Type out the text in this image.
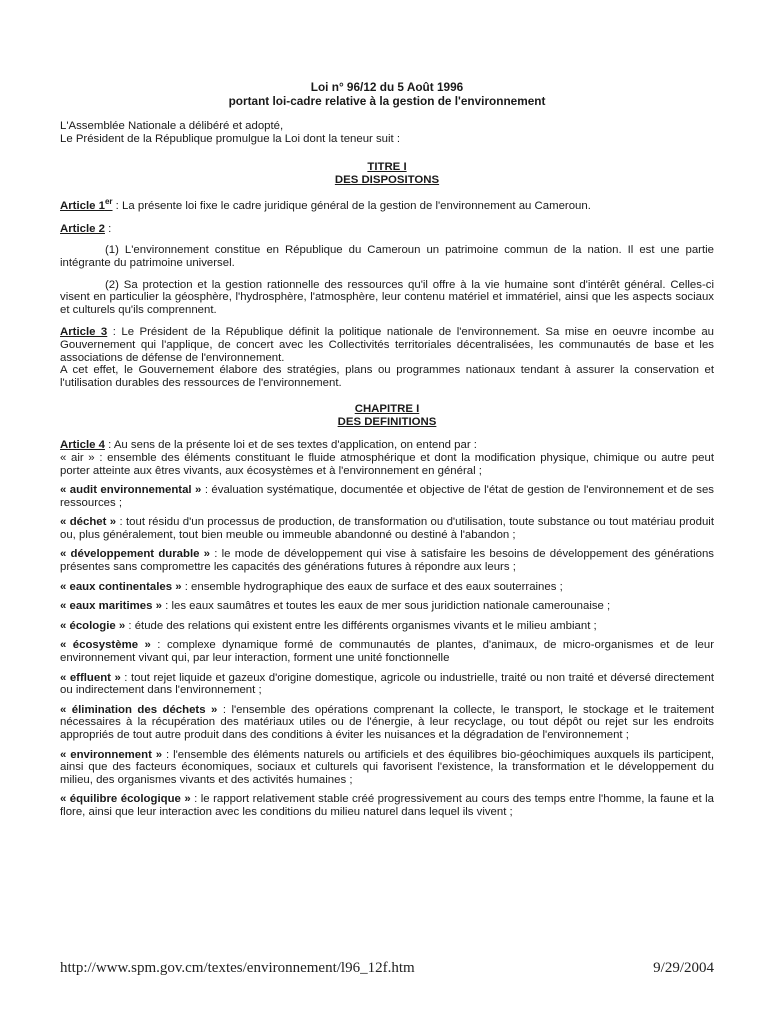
Loi n° 96/12 du 5 Août 1996
portant loi-cadre relative à la gestion de l'environnement
L'Assemblée Nationale a délibéré et adopté,
Le Président de la République promulgue la Loi dont la teneur suit :
TITRE I
DES DISPOSITONS

Article 1er : La présente loi fixe le cadre juridique général de la gestion de l'environnement au Cameroun.

Article 2 :

(1) L'environnement constitue en République du Cameroun un patrimoine commun de la nation. Il est une partie intégrante du patrimoine universel.

(2) Sa protection et la gestion rationnelle des ressources qu'il offre à la vie humaine sont d'intérêt général. Celles-ci visent en particulier la géosphère, l'hydrosphère, l'atmosphère, leur contenu matériel et immatériel, ainsi que les aspects sociaux et culturels qu'ils comprennent.

Article 3 : Le Président de la République définit la politique nationale de l'environnement. Sa mise en oeuvre incombe au Gouvernement qui l'applique, de concert avec les Collectivités territoriales décentralisées, les communautés de base et les associations de défense de l'environnement.

A cet effet, le Gouvernement élabore des stratégies, plans ou programmes nationaux tendant à assurer la conservation et l'utilisation durables des ressources de l'environnement.

CHAPITRE I
DES DEFINITIONS

Article 4 : Au sens de la présente loi et de ses textes d'application, on entend par :

« air » : ensemble des éléments constituant le fluide atmosphérique et dont la modification physique, chimique ou autre peut porter atteinte aux êtres vivants, aux écosystèmes et à l'environnement en général ;

« audit environnemental » : évaluation systématique, documentée et objective de l'état de gestion de l'environnement et de ses ressources ;

« déchet » : tout résidu d'un processus de production, de transformation ou d'utilisation, toute substance ou tout matériau produit ou, plus généralement, tout bien meuble ou immeuble abandonné ou destiné à l'abandon ;

« développement durable » : le mode de développement qui vise à satisfaire les besoins de développement des générations présentes sans compromettre les capacités des générations futures à répondre aux leurs ;

« eaux continentales » : ensemble hydrographique des eaux de surface et des eaux souterraines ;

« eaux maritimes » : les eaux saumâtres et toutes les eaux de mer sous juridiction nationale camerounaise ;

« écologie » : étude des relations qui existent entre les différents organismes vivants et le milieu ambiant ;

« écosystème » : complexe dynamique formé de communautés de plantes, d'animaux, de micro-organismes et de leur environnement vivant qui, par leur interaction, forment une unité fonctionnelle

« effluent » : tout rejet liquide et gazeux d'origine domestique, agricole ou industrielle, traité ou non traité et déversé directement ou indirectement dans l'environnement ;

« élimination des déchets » : l'ensemble des opérations comprenant la collecte, le transport, le stockage et le traitement nécessaires à la récupération des matériaux utiles ou de l'énergie, à leur recyclage, ou tout dépôt ou rejet sur les endroits appropriés de tout autre produit dans des conditions à éviter les nuisances et la dégradation de l'environnement ;

« environnement » : l'ensemble des éléments naturels ou artificiels et des équilibres bio-géochimiques auxquels ils participent, ainsi que des facteurs économiques, sociaux et culturels qui favorisent l'existence, la transformation et le développement du milieu, des organismes vivants et des activités humaines ;

« équilibre écologique » : le rapport relativement stable créé progressivement au cours des temps entre l'homme, la faune et la flore, ainsi que leur interaction avec les conditions du milieu naturel dans lequel ils vivent ;

http://www.spm.gov.cm/textes/environnement/l96_12f.htm	9/29/2004
